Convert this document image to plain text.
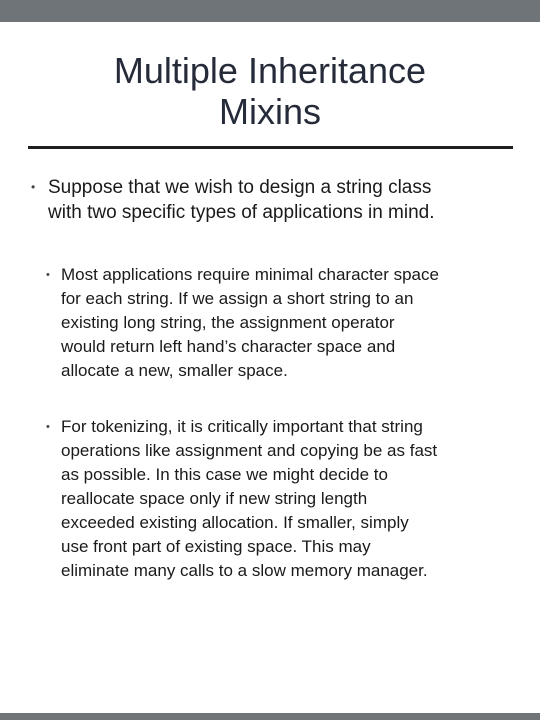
Multiple Inheritance
Mixins
• Suppose that we wish to design a string class
with two specific types of applications in mind.
• Most applications require minimal character space
for each string. If we assign a short string to an
existing long string, the assignment operator
would return left hand’s character space and
allocate a new, smaller space.
• For tokenizing, it is critically important that string
operations like assignment and copying be as fast
as possible. In this case we might decide to
reallocate space only if new string length
exceeded existing allocation. If smaller, simply
use front part of existing space. This may
eliminate many calls to a slow memory manager.
